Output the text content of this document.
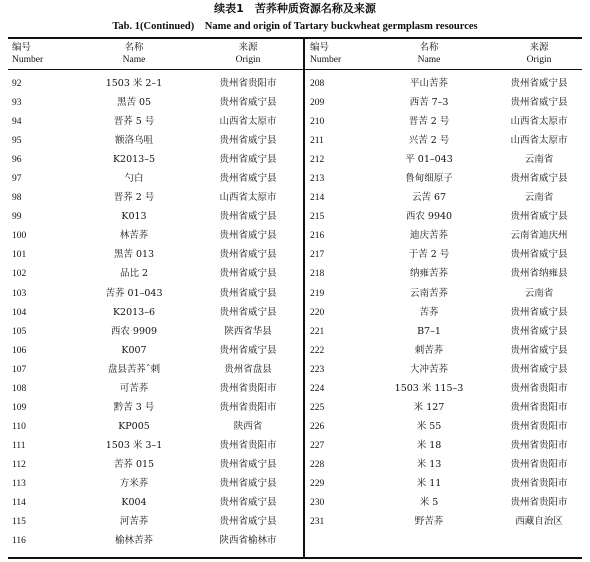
续表1　苦荞种质资源名称及来源
Tab. 1(Continued)　Name and origin of Tartary buckwheat germplasm resources
编号
Number
名称
Name
来源
Origin
92	1503 米 2–1	贵州省贵阳市
93	黑苦 05	贵州省威宁县
94	晋荞 5 号	山西省太原市
95	额洛乌咀	贵州省威宁县
96	K2013–5	贵州省威宁县
97	勺白	贵州省威宁县
98	晋荞 2 号	山西省太原市
99	K013	贵州省威宁县
100	林苦荞	贵州省威宁县
101	黑苦 013	贵州省威宁县
102	品比 2	贵州省威宁县
103	苦荞 01–043	贵州省威宁县
104	K2013–6	贵州省威宁县
105	西农 9909	陕西省华县
106	K007	贵州省威宁县
107	盘县苦荞ˆ刺	贵州省盘县
108	可苦荞	贵州省贵阳市
109	黔苦 3 号	贵州省贵阳市
110	KP005	陕西省
111	1503 米 3–1	贵州省贵阳市
112	苦荞 015	贵州省威宁县
113	方米荞	贵州省威宁县
114	K004	贵州省威宁县
115	河苦荞	贵州省威宁县
116	榆林苦荞	陕西省榆林市
编号
Number
名称
Name
来源
Origin
208	平山苦荞	贵州省威宁县
209	西苦 7–3	贵州省威宁县
210	晋苦 2 号	山西省太原市
211	兴苦 2 号	山西省太原市
212	平 01–043	云南省
213	鲁甸细原子	贵州省威宁县
214	云苦 67	云南省
215	西农 9940	贵州省威宁县
216	迪庆苦荞	云南省迪庆州
217	于苦 2 号	贵州省威宁县
218	纳雍苦荞	贵州省纳雍县
219	云南苦荞	云南省
220	苦荞	贵州省威宁县
221	B7–1	贵州省威宁县
222	刺苦荞	贵州省威宁县
223	大冲苦荞	贵州省威宁县
224	1503 米 115–3	贵州省贵阳市
225	米 127	贵州省贵阳市
226	米 55	贵州省贵阳市
227	米 18	贵州省贵阳市
228	米 13	贵州省贵阳市
229	米 11	贵州省贵阳市
230	米 5	贵州省贵阳市
231	野苦荞	西藏自治区
